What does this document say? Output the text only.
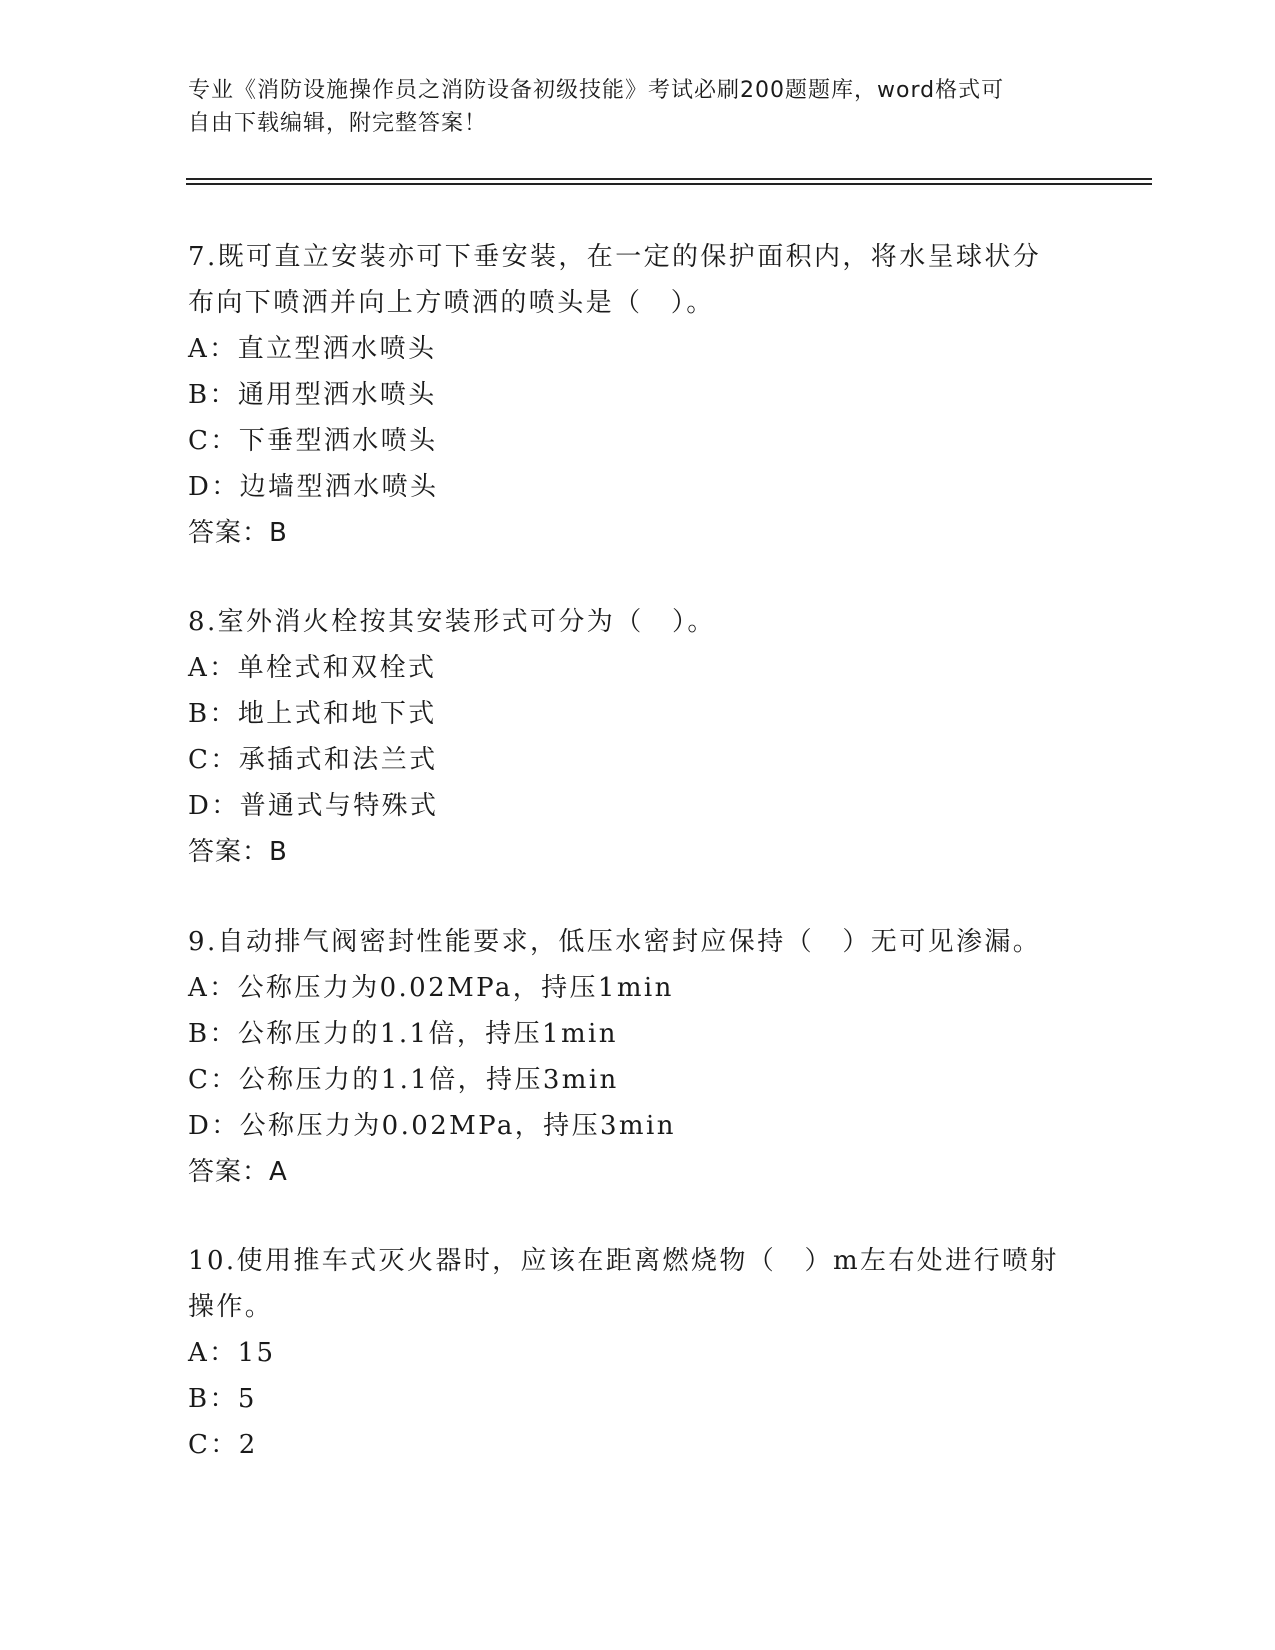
专业《消防设施操作员之消防设备初级技能》考试必刷200题题库，word格式可
自由下载编辑，附完整答案！

7.既可直立安装亦可下垂安装，在一定的保护面积内，将水呈球状分

布向下喷洒并向上方喷洒的喷头是（　）。

A：直立型洒水喷头

B：通用型洒水喷头

C：下垂型洒水喷头

D：边墙型洒水喷头

答案：B

8.室外消火栓按其安装形式可分为（　）。

A：单栓式和双栓式

B：地上式和地下式

C：承插式和法兰式

D：普通式与特殊式

答案：B

9.自动排气阀密封性能要求，低压水密封应保持（　）无可见渗漏。

A：公称压力为0.02MPa，持压1min

B：公称压力的1.1倍，持压1min

C：公称压力的1.1倍，持压3min

D：公称压力为0.02MPa，持压3min

答案：A

10.使用推车式灭火器时，应该在距离燃烧物（　）m左右处进行喷射

操作。

A：15

B：5

C：2
